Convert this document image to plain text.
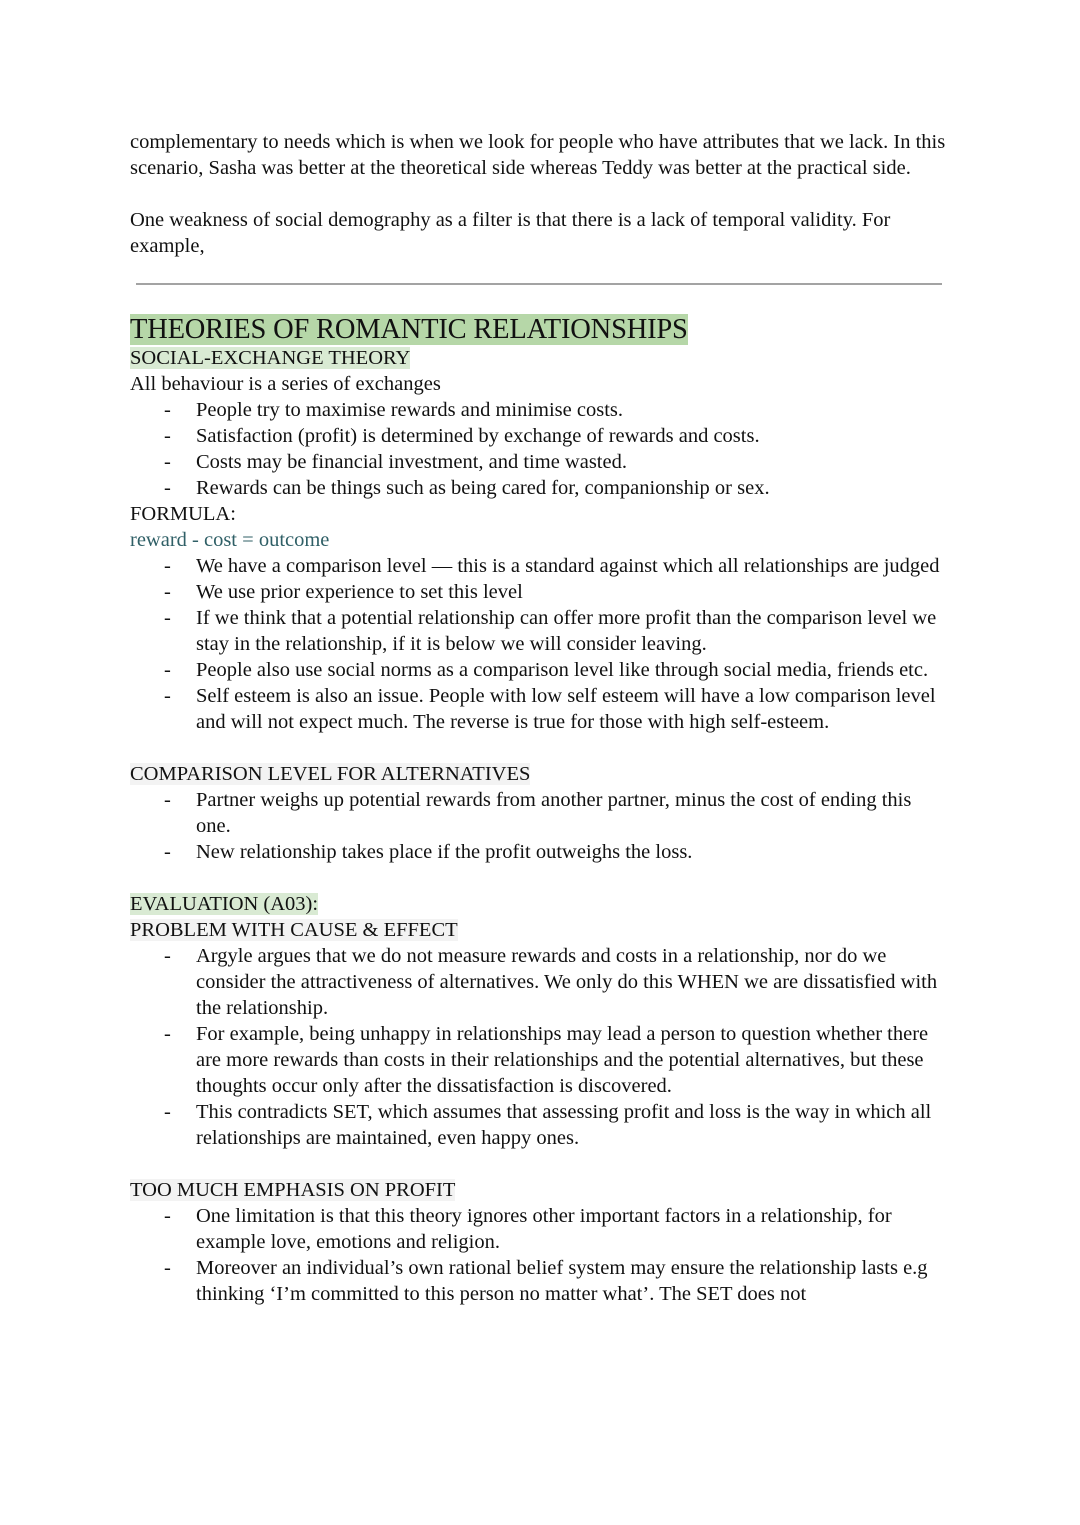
complementary to needs which is when we look for people who have attributes that we lack. In this scenario, Sasha was better at the theoretical side whereas Teddy was better at the practical side.

One weakness of social demography as a filter is that there is a lack of temporal validity. For example,

THEORIES OF ROMANTIC RELATIONSHIPS
SOCIAL-EXCHANGE THEORY

All behaviour is a series of exchanges

- People try to maximise rewards and minimise costs.
- Satisfaction (profit) is determined by exchange of rewards and costs.
- Costs may be financial investment, and time wasted.
- Rewards can be things such as being cared for, companionship or sex.

FORMULA:

reward - cost = outcome

- We have a comparison level — this is a standard against which all relationships are judged
- We use prior experience to set this level
- If we think that a potential relationship can offer more profit than the comparison level we stay in the relationship, if it is below we will consider leaving.
- People also use social norms as a comparison level like through social media, friends etc.
- Self esteem is also an issue. People with low self esteem will have a low comparison level and will not expect much. The reverse is true for those with high self-esteem.
COMPARISON LEVEL FOR ALTERNATIVES
- Partner weighs up potential rewards from another partner, minus the cost of ending this one.
- New relationship takes place if the profit outweighs the loss.
EVALUATION (A03):
PROBLEM WITH CAUSE & EFFECT
- Argyle argues that we do not measure rewards and costs in a relationship, nor do we consider the attractiveness of alternatives. We only do this WHEN we are dissatisfied with the relationship.
- For example, being unhappy in relationships may lead a person to question whether there are more rewards than costs in their relationships and the potential alternatives, but these thoughts occur only after the dissatisfaction is discovered.
- This contradicts SET, which assumes that assessing profit and loss is the way in which all relationships are maintained, even happy ones.
TOO MUCH EMPHASIS ON PROFIT
- One limitation is that this theory ignores other important factors in a relationship, for example love, emotions and religion.
- Moreover an individual’s own rational belief system may ensure the relationship lasts e.g thinking ‘I’m committed to this person no matter what’. The SET does not
